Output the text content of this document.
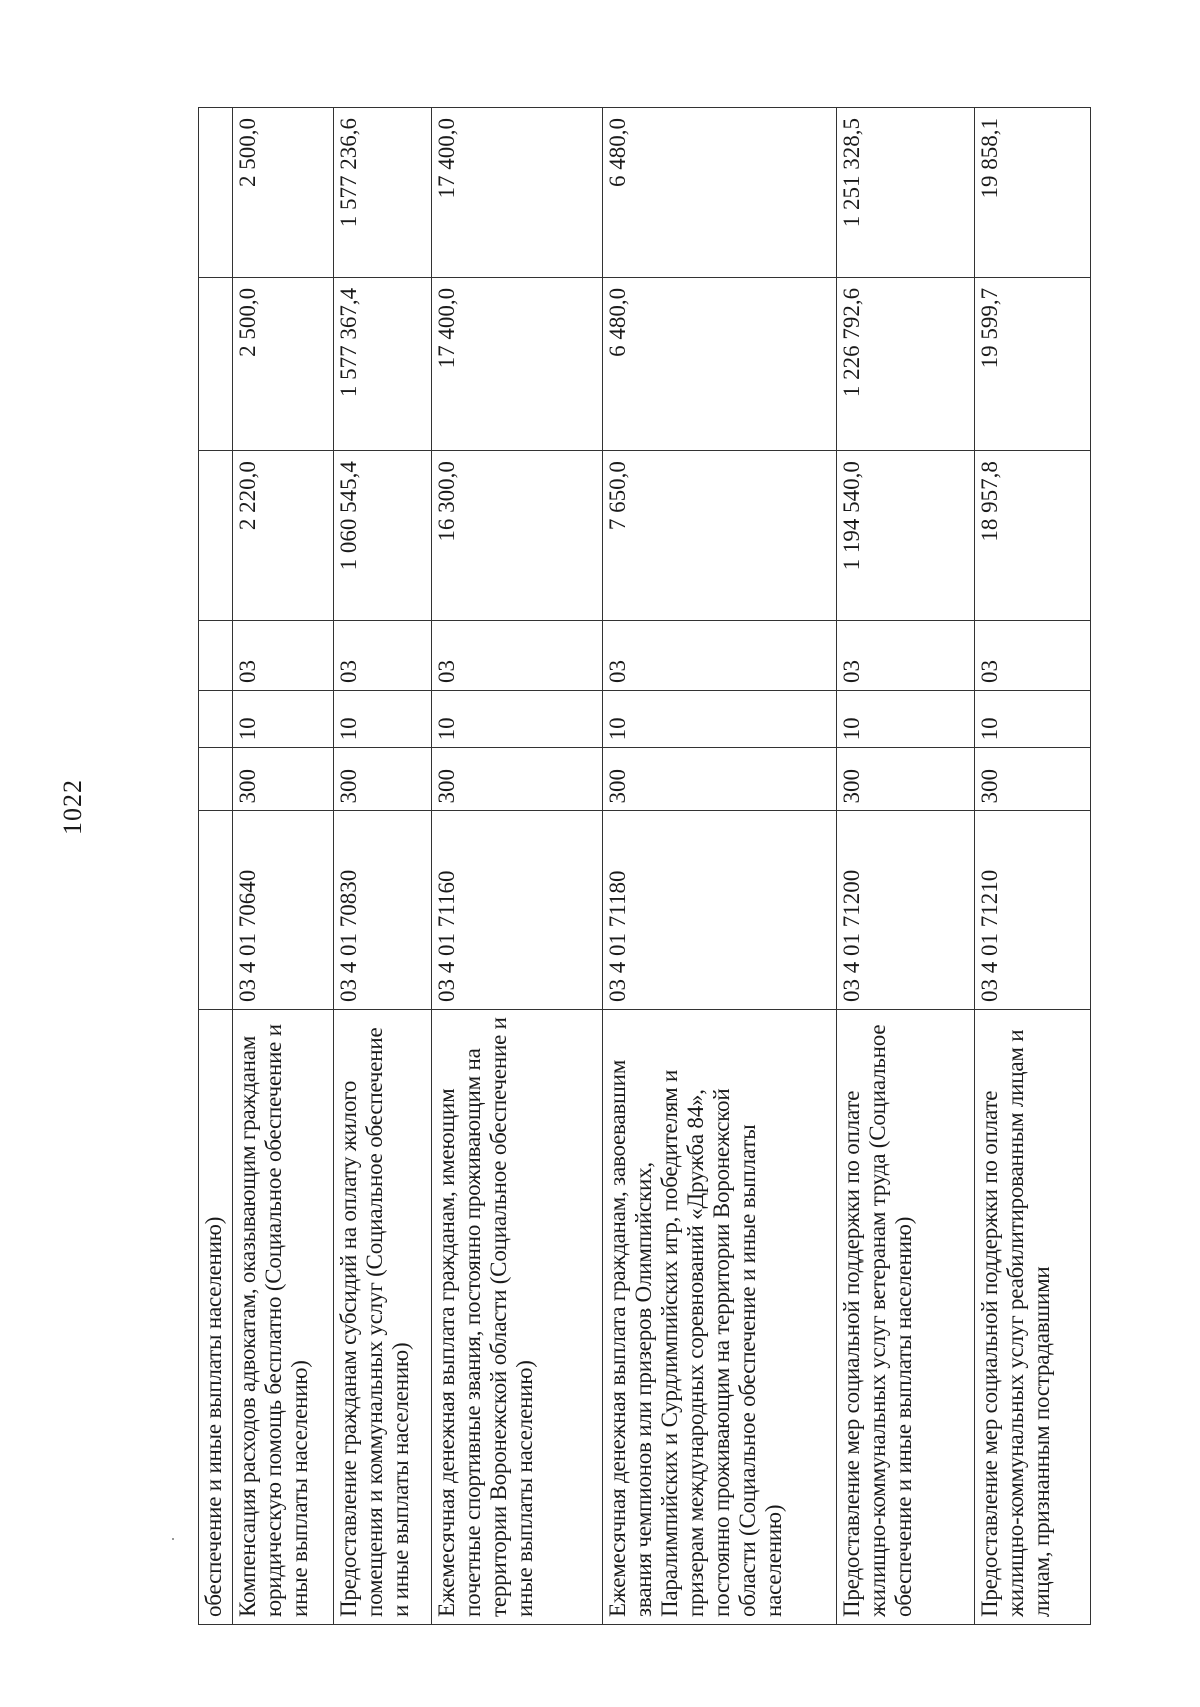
1022
обеспечение и иные выплаты населению)							
Компенсация расходов адвокатам, оказывающим гражданам юридическую помощь бесплатно (Социальное обеспечение и иные выплаты населению)	03 4 01 70640	300	10	03	2 220,0	2 500,0	2 500,0
Предоставление гражданам субсидий на оплату жилого помещения и коммунальных услуг (Социальное обеспечение и иные выплаты населению)	03 4 01 70830	300	10	03	1 060 545,4	1 577 367,4	1 577 236,6
Ежемесячная денежная выплата гражданам, имеющим почетные спортивные звания, постоянно проживающим на территории Воронежской области (Социальное обеспечение и иные выплаты населению)	03 4 01 71160	300	10	03	16 300,0	17 400,0	17 400,0
Ежемесячная денежная выплата гражданам, завоевавшим звания чемпионов или призеров Олимпийских, Паралимпийских и Сурдлимпийских игр, победителям и призерам международных соревнований «Дружба 84», постоянно проживающим на территории Воронежской области (Социальное обеспечение и иные выплаты населению)	03 4 01 71180	300	10	03	7 650,0	6 480,0	6 480,0
Предоставление мер социальной поддержки по оплате жилищно-коммунальных услуг ветеранам труда (Социальное обеспечение и иные выплаты населению)	03 4 01 71200	300	10	03	1 194 540,0	1 226 792,6	1 251 328,5
Предоставление мер социальной поддержки по оплате жилищно-коммунальных услуг реабилитированным лицам и лицам, признанным пострадавшими	03 4 01 71210	300	10	03	18 957,8	19 599,7	19 858,1
